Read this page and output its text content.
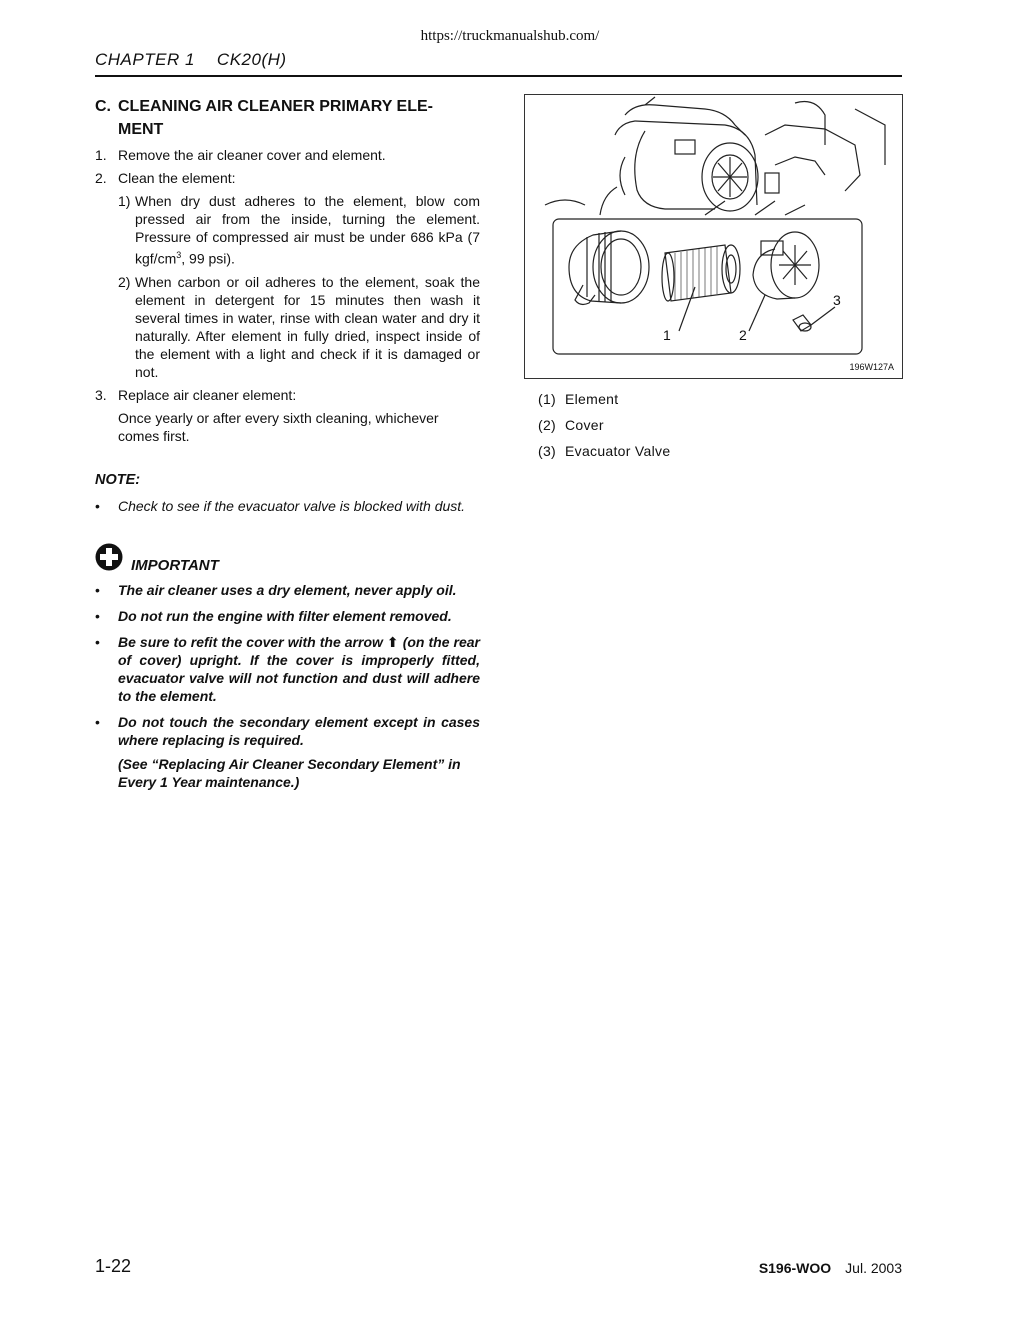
https://truckmanualshub.com/
CHAPTER 1 CK20(H)
C. CLEANING AIR CLEANER PRIMARY ELE-
MENT
1. Remove the air cleaner cover and element.
2. Clean the element:
1) When dry dust adheres to the element, blow com pressed air from the inside, turning the element. Pressure of compressed air must be under 686 kPa (7 kgf/$cm^3$, 99 psi).
2) When carbon or oil adheres to the element, soak the element in detergent for 15 minutes then wash it several times in water, rinse with clean water and dry it naturally. After element in fully dried, inspect inside of the element with a light and check if it is damaged or not.
3. Replace air cleaner element:
Once yearly or after every sixth cleaning, whichever comes first.
NOTE:
•	Check to see if the evacuator valve is blocked with dust.
IMPORTANT
•	The air cleaner uses a dry element, never apply oil.
•	Do not run the engine with filter element removed.
•	Be sure to refit the cover with the arrow ⬆ (on the rear of cover) upright. If the cover is improperly fitted, evacuator valve will not function and dust will adhere to the element.
•	Do not touch the secondary element except in cases where replacing is required.
(See “Replacing Air Cleaner Secondary Element” in Every 1 Year maintenance.)
1	2
3
196W127A
(1) Element
(2) Cover
(3) Evacuator Valve
1-22	S196-WOO Jul. 2003
